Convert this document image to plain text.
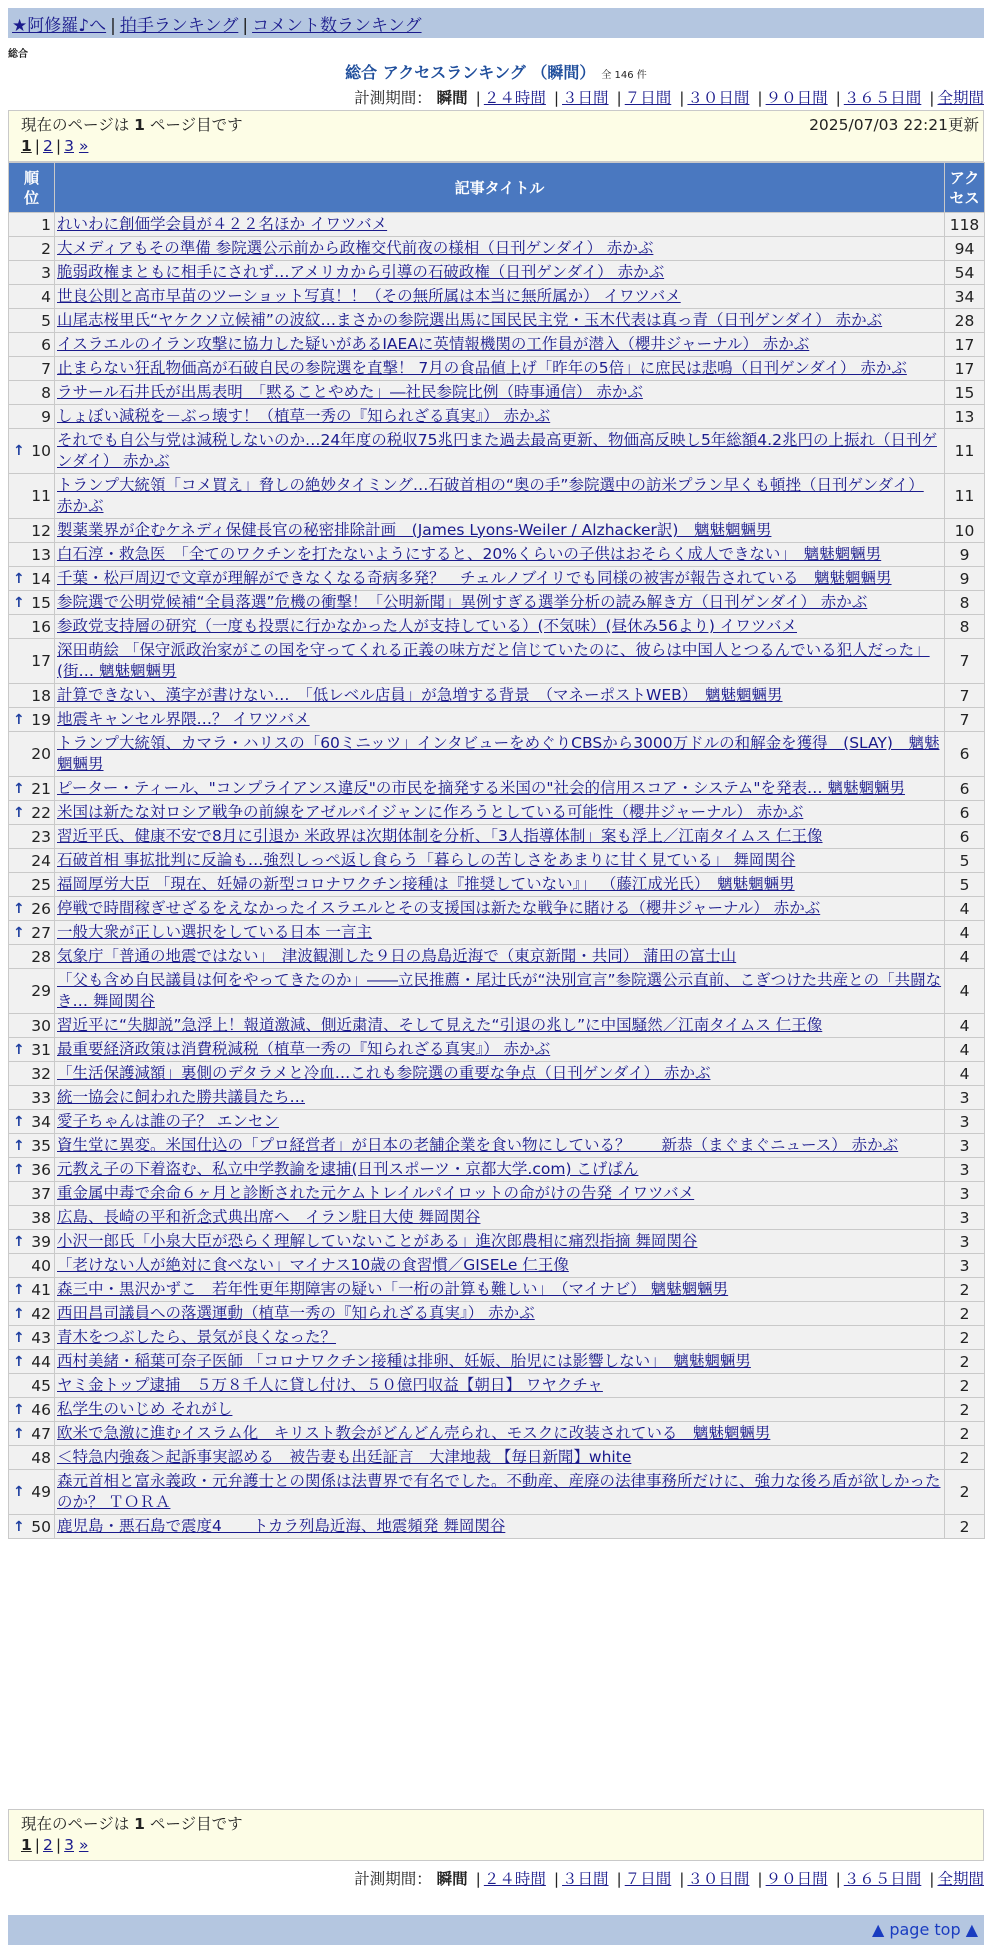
★阿修羅♪へ | 拍手ランキング | コメント数ランキング
総合
総合 アクセスランキング （瞬間） 全 146 件
計測期間： 瞬間 | ２４時間 | ３日間 | ７日間 | ３０日間 | ９０日間 | ３６５日間 | 全期間
現在のページは 1 ページ目です	2025/07/03 22:21更新
1 | 2 | 3 »
順位	記事タイトル	アクセス
1	れいわに創価学会員が４２２名ほか イワツバメ	118
2	大メディアもその準備 参院選公示前から政権交代前夜の様相（日刊ゲンダイ） 赤かぶ	94
3	脆弱政権まともに相手にされず…アメリカから引導の石破政権（日刊ゲンダイ） 赤かぶ	54
4	世良公則と高市早苗のツーショット写真！！（その無所属は本当に無所属か） イワツバメ	34
5	山尾志桜里氏“ヤケクソ立候補”の波紋…まさかの参院選出馬に国民民主党・玉木代表は真っ青（日刊ゲンダイ） 赤かぶ	28
6	イスラエルのイラン攻撃に協力した疑いがあるIAEAに英情報機関の工作員が潜入（櫻井ジャーナル） 赤かぶ	17
7	止まらない狂乱物価高が石破自民の参院選を直撃！ 7月の食品値上げ「昨年の5倍」に庶民は悲鳴（日刊ゲンダイ） 赤かぶ	17
8	ラサール石井氏が出馬表明　「黙ることやめた」―社民参院比例（時事通信） 赤かぶ	15
9	しょぼい減税を－ぶっ壊す！（植草一秀の『知られざる真実』） 赤かぶ	13

↑ 10	それでも自公与党は減税しないのか…24年度の税収75兆円また過去最高更新、物価高反映し5年総額4.2兆円の上振れ（日刊ゲンダイ） 赤かぶ	11
11	トランプ大統領「コメ買え」脅しの絶妙タイミング…石破首相の“奥の手”参院選中の訪米プラン早くも頓挫（日刊ゲンダイ） 赤かぶ	11
12	製薬業界が企むケネディ保健長官の秘密排除計画　(James Lyons-Weiler / Alzhacker訳)　魑魅魍魎男	10
13	白石淳・救急医　「全てのワクチンを打たないようにすると、20%くらいの子供はおそらく成人できない」　魑魅魍魎男	9

↑ 14	千葉・松戸周辺で文章が理解ができなくなる奇病多発？　チェルノブイリでも同様の被害が報告されている　魑魅魍魎男	9

↑ 15	参院選で公明党候補“全員落選”危機の衝撃！「公明新聞」異例すぎる選挙分析の読み解き方（日刊ゲンダイ） 赤かぶ	8
16	参政党支持層の研究（一度も投票に行かなかった人が支持している）(不気味）(昼休み56より) イワツバメ	8
17	深田萌絵 「保守派政治家がこの国を守ってくれる正義の味方だと信じていたのに、彼らは中国人とつるんでいる犯人だった」(街… 魑魅魍魎男	7
18	計算できない、漢字が書けない…　「低レベル店員」が急増する背景　（マネーポストWEB）　魑魅魍魎男	7

↑ 19	地震キャンセル界隈…？ イワツバメ	7
20	トランプ大統領、カマラ・ハリスの「60ミニッツ」インタビューをめぐりCBSから3000万ドルの和解金を獲得　(SLAY)　魑魅魍魎男	6

↑ 21	ピーター・ティール、"コンプライアンス違反"の市民を摘発する米国の"社会的信用スコア・システム"を発表… 魑魅魍魎男	6

↑ 22	米国は新たな対ロシア戦争の前線をアゼルバイジャンに作ろうとしている可能性（櫻井ジャーナル） 赤かぶ	6
23	習近平氏、健康不安で8月に引退か 米政界は次期体制を分析、「3人指導体制」案も浮上／江南タイムス 仁王像	6
24	石破首相 事拡批判に反論も…強烈しっぺ返し食らう「暮らしの苦しさをあまりに甘く見ている」 舞岡関谷	5
25	福岡厚労大臣 「現在、妊婦の新型コロナワクチン接種は『推奨していない』」 （藤江成光氏）　魑魅魍魎男	5

↑ 26	停戦で時間稼ぎせざるをえなかったイスラエルとその支援国は新たな戦争に賭ける（櫻井ジャーナル） 赤かぶ	4

↑ 27	一般大衆が正しい選択をしている日本 一言主	4
28	気象庁「普通の地震ではない」　津波観測した９日の鳥島近海で（東京新聞・共同） 蒲田の富士山	4
29	「父も含め自民議員は何をやってきたのか」――立民推薦・尾辻氏が“決別宣言”参院選公示直前、こぎつけた共産との「共闘なき… 舞岡関谷	4
30	習近平に“失脚説”急浮上！報道激減、側近粛清、そして見えた“引退の兆し”に中国騒然／江南タイムス 仁王像	4

↑ 31	最重要経済政策は消費税減税（植草一秀の『知られざる真実』） 赤かぶ	4
32	「生活保護減額」裏側のデタラメと冷血…これも参院選の重要な争点（日刊ゲンダイ） 赤かぶ	4
33	統一協会に飼われた勝共議員たち…	3

↑ 34	愛子ちゃんは誰の子？ エンセン	3

↑ 35	資生堂に異変。米国仕込の「プロ経営者」が日本の老舗企業を食い物にしている？　　新恭（まぐまぐニュース） 赤かぶ	3

↑ 36	元教え子の下着盗む、私立中学教諭を逮捕(日刊スポーツ・京都大学.com) こげぱん	3
37	重金属中毒で余命６ヶ月と診断された元ケムトレイルパイロットの命がけの告発 イワツバメ	3
38	広島、長崎の平和祈念式典出席へ　イラン駐日大使 舞岡関谷	3

↑ 39	小沢一郎氏「小泉大臣が恐らく理解していないことがある」進次郎農相に痛烈指摘 舞岡関谷	3
40	「老けない人が絶対に食べない」マイナス10歳の食習慣／GISELe 仁王像	3

↑ 41	森三中・黒沢かずこ　若年性更年期障害の疑い「一桁の計算も難しい」　（マイナビ） 魑魅魍魎男	2

↑ 42	西田昌司議員への落選運動（植草一秀の『知られざる真実』） 赤かぶ	2

↑ 43	青木をつぶしたら、景気が良くなった？	2

↑ 44	西村美緒・稲葉可奈子医師 「コロナワクチン接種は排卵、妊娠、胎児には影響しない」　魑魅魍魎男	2
45	ヤミ金トップ逮捕　５万８千人に貸し付け、５０億円収益【朝日】 ワヤクチャ	2

↑ 46	私学生のいじめ それがし	2

↑ 47	欧米で急激に進むイスラム化　キリスト教会がどんどん売られ、モスクに改装されている　魑魅魍魎男	2
48	＜特急内強姦＞起訴事実認める　被告妻も出廷証言　大津地裁 【毎日新聞】white	2

↑ 49	森元首相と富永義政・元弁護士との関係は法曹界で有名でした。不動産、産廃の法律事務所だけに、強力な後ろ盾が欲しかったのか？ ＴＯＲＡ	2

↑ 50	鹿児島・悪石島で震度4　　トカラ列島近海、地震頻発 舞岡関谷	2
現在のページは 1 ページ目です
1 | 2 | 3 »
計測期間： 瞬間 | ２４時間 | ３日間 | ７日間 | ３０日間 | ９０日間 | ３６５日間 | 全期間
▲ page top ▲
